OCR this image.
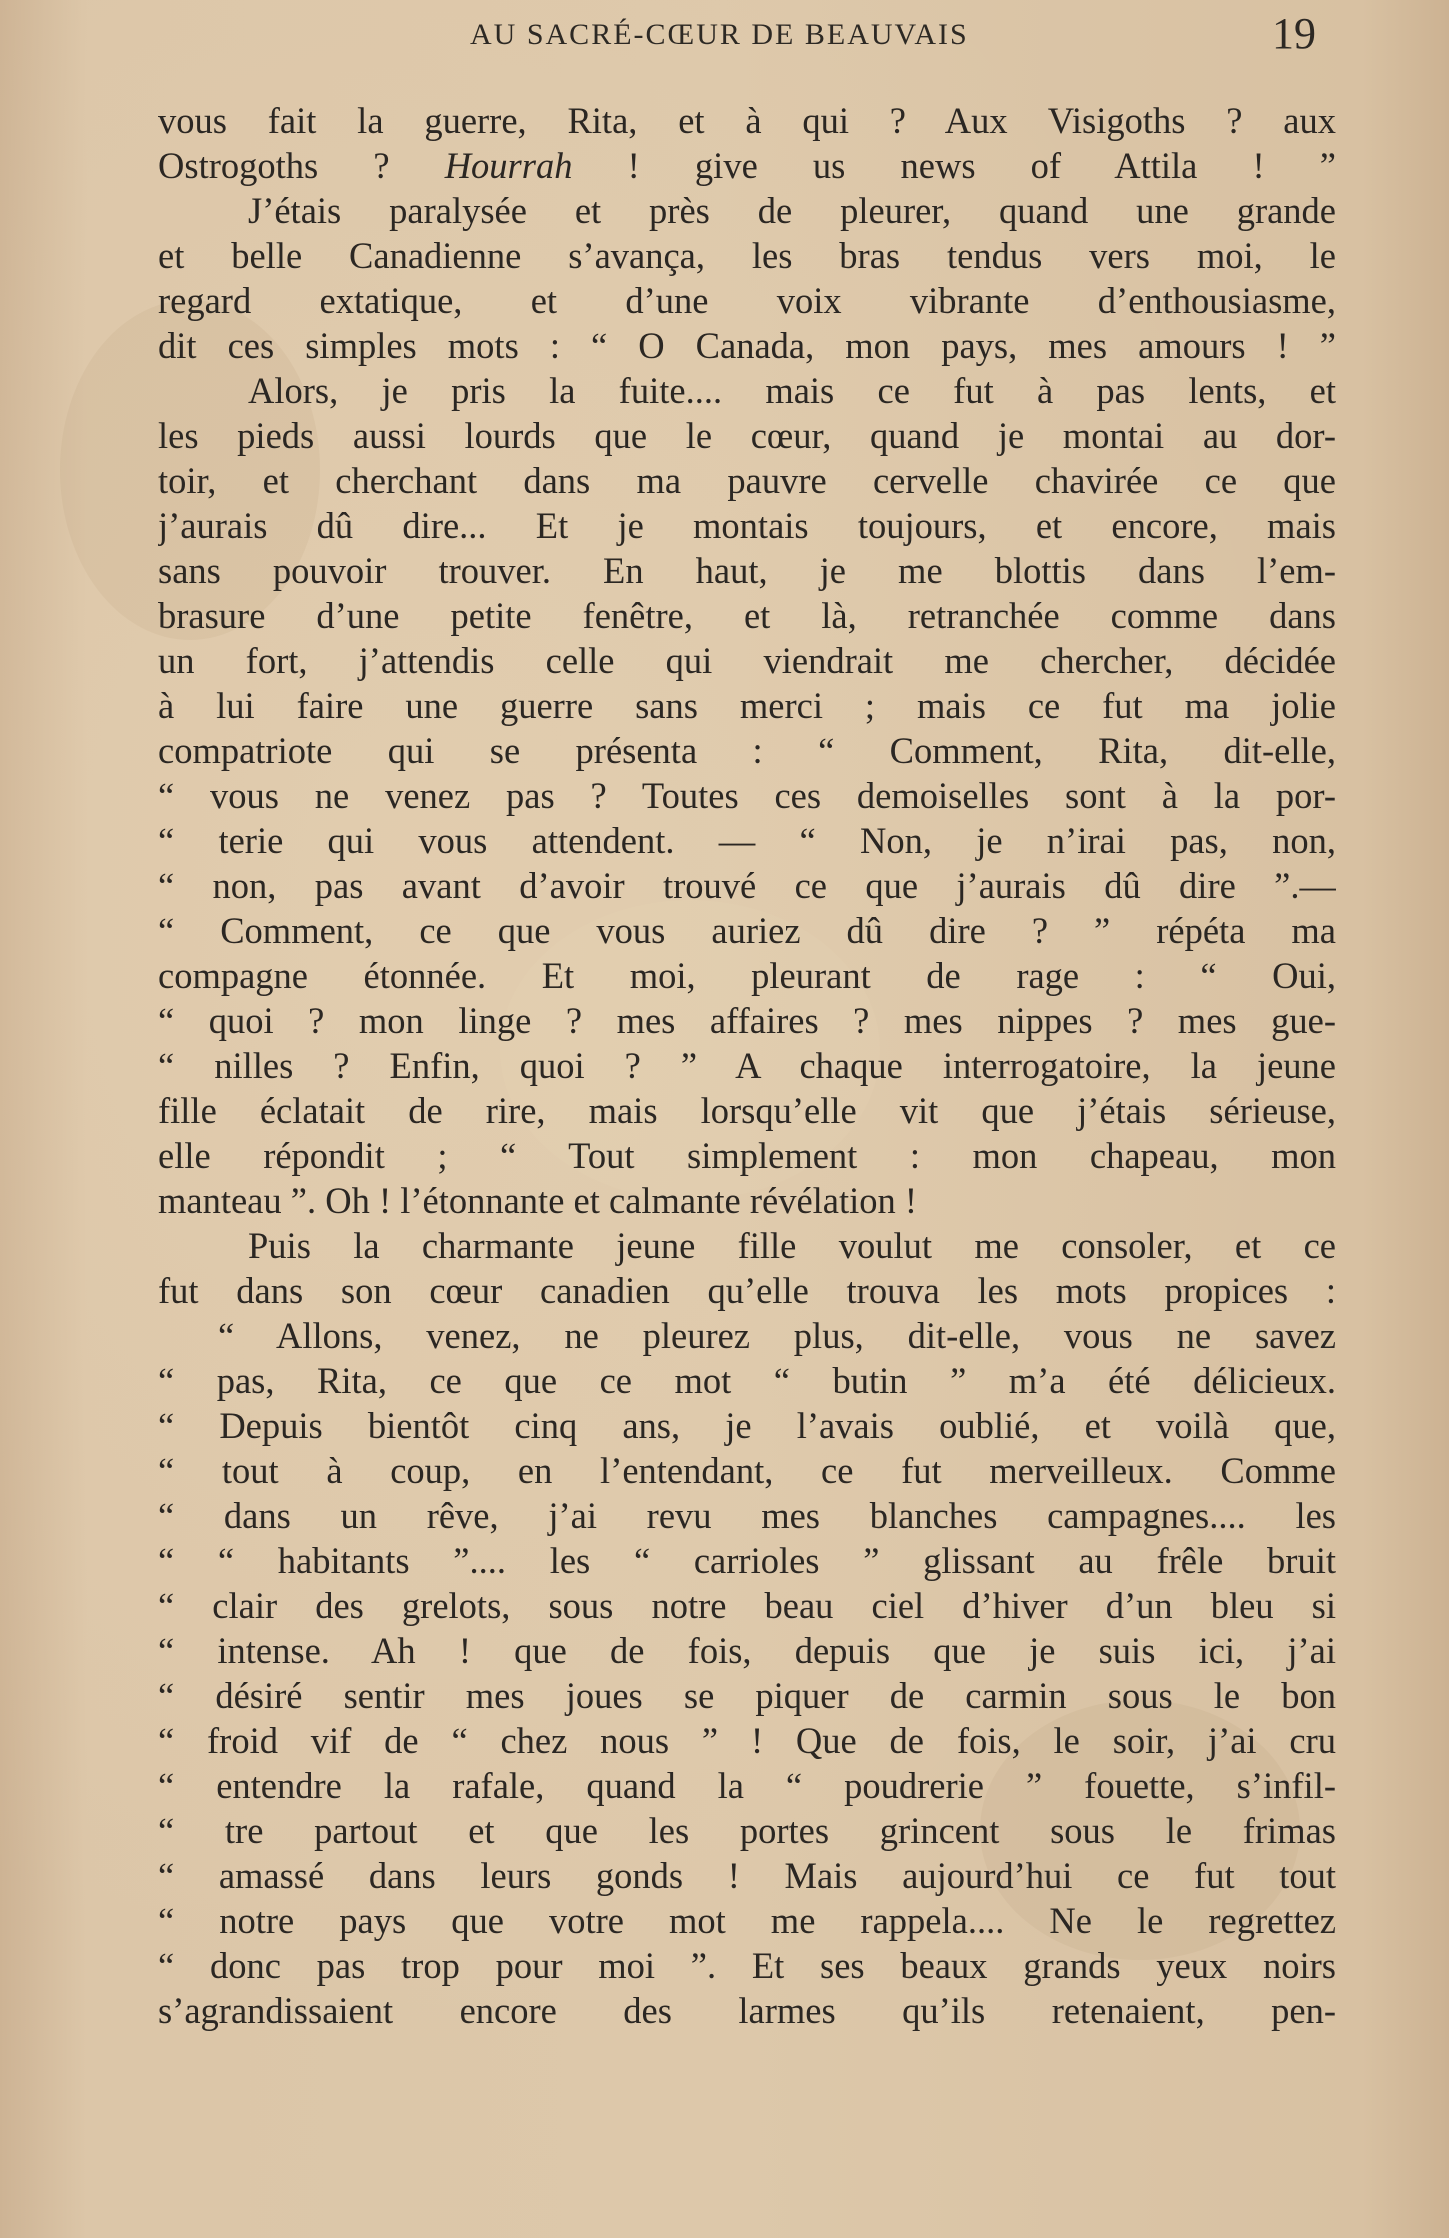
AU SACRÉ-CŒUR DE BEAUVAIS	19
vous fait la guerre, Rita, et à qui ? Aux Visigoths ? aux
Ostrogoths ? Hourrah ! give us news of Attila ! ”
J’étais paralysée et près de pleurer, quand une grande
et belle Canadienne s’avança, les bras tendus vers moi, le
regard extatique, et d’une voix vibrante d’enthousiasme,
dit ces simples mots : “ O Canada, mon pays, mes amours ! ”
Alors, je pris la fuite.... mais ce fut à pas lents, et
les pieds aussi lourds que le cœur, quand je montai au dor-
toir, et cherchant dans ma pauvre cervelle chavirée ce que
j’aurais dû dire... Et je montais toujours, et encore, mais
sans pouvoir trouver. En haut, je me blottis dans l’em-
brasure d’une petite fenêtre, et là, retranchée comme dans
un fort, j’attendis celle qui viendrait me chercher, décidée
à lui faire une guerre sans merci ; mais ce fut ma jolie
compatriote qui se présenta : “ Comment, Rita, dit-elle,
“ vous ne venez pas ? Toutes ces demoiselles sont à la por-
“ terie qui vous attendent. — “ Non, je n’irai pas, non,
“ non, pas avant d’avoir trouvé ce que j’aurais dû dire ”.—
“ Comment, ce que vous auriez dû dire ? ” répéta ma
compagne étonnée. Et moi, pleurant de rage : “ Oui,
“ quoi ? mon linge ? mes affaires ? mes nippes ? mes gue-
“ nilles ? Enfin, quoi ? ” A chaque interrogatoire, la jeune
fille éclatait de rire, mais lorsqu’elle vit que j’étais sérieuse,
elle répondit ; “ Tout simplement : mon chapeau, mon
manteau ”. Oh ! l’étonnante et calmante révélation !
Puis la charmante jeune fille voulut me consoler, et ce
fut dans son cœur canadien qu’elle trouva les mots propices :
“ Allons, venez, ne pleurez plus, dit-elle, vous ne savez
“ pas, Rita, ce que ce mot “ butin ” m’a été délicieux.
“ Depuis bientôt cinq ans, je l’avais oublié, et voilà que,
“ tout à coup, en l’entendant, ce fut merveilleux. Comme
“ dans un rêve, j’ai revu mes blanches campagnes.... les
“ “ habitants ”.... les “ carrioles ” glissant au frêle bruit
“ clair des grelots, sous notre beau ciel d’hiver d’un bleu si
“ intense. Ah ! que de fois, depuis que je suis ici, j’ai
“ désiré sentir mes joues se piquer de carmin sous le bon
“ froid vif de “ chez nous ” ! Que de fois, le soir, j’ai cru
“ entendre la rafale, quand la “ poudrerie ” fouette, s’infil-
“ tre partout et que les portes grincent sous le frimas
“ amassé dans leurs gonds ! Mais aujourd’hui ce fut tout
“ notre pays que votre mot me rappela.... Ne le regrettez
“ donc pas trop pour moi ”. Et ses beaux grands yeux noirs
s’agrandissaient encore des larmes qu’ils retenaient, pen-
